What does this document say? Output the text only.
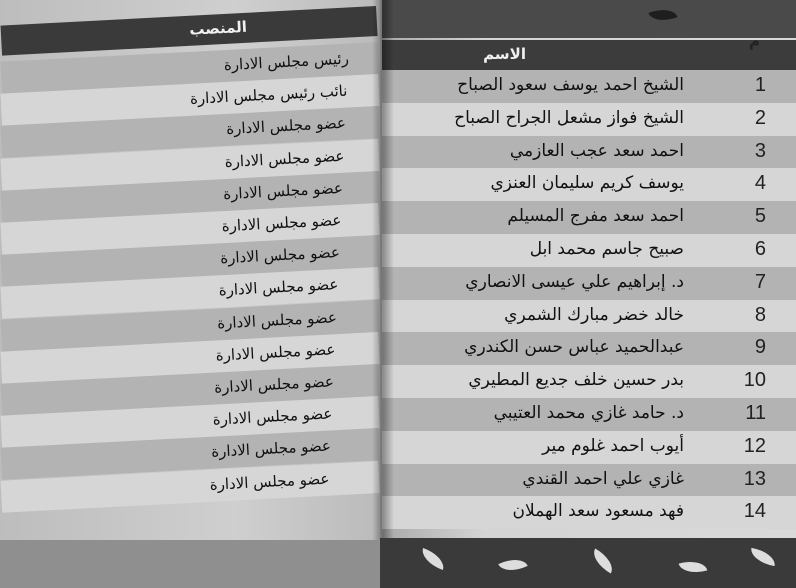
المنصب
الاسم
م
1
الشيخ احمد يوسف سعود الصباح
رئيس مجلس الادارة
2
الشيخ فواز مشعل الجراح الصباح
نائب رئيس مجلس الادارة
3
احمد سعد عجب العازمي
عضو مجلس الادارة
4
يوسف كريم سليمان العنزي
عضو مجلس الادارة
5
احمد سعد مفرج المسيلم
عضو مجلس الادارة
6
صبيح جاسم محمد ابل
عضو مجلس الادارة
7
د. إبراهيم علي عيسى الانصاري
عضو مجلس الادارة
8
خالد خضر مبارك الشمري
عضو مجلس الادارة
9
عبدالحميد عباس حسن الكندري
عضو مجلس الادارة
10
بدر حسين خلف جديع المطيري
عضو مجلس الادارة
11
د. حامد غازي محمد العتيبي
عضو مجلس الادارة
12
أيوب احمد غلوم مير
عضو مجلس الادارة
13
غازي علي احمد القندي
عضو مجلس الادارة
14
فهد مسعود سعد الهملان
عضو مجلس الادارة
